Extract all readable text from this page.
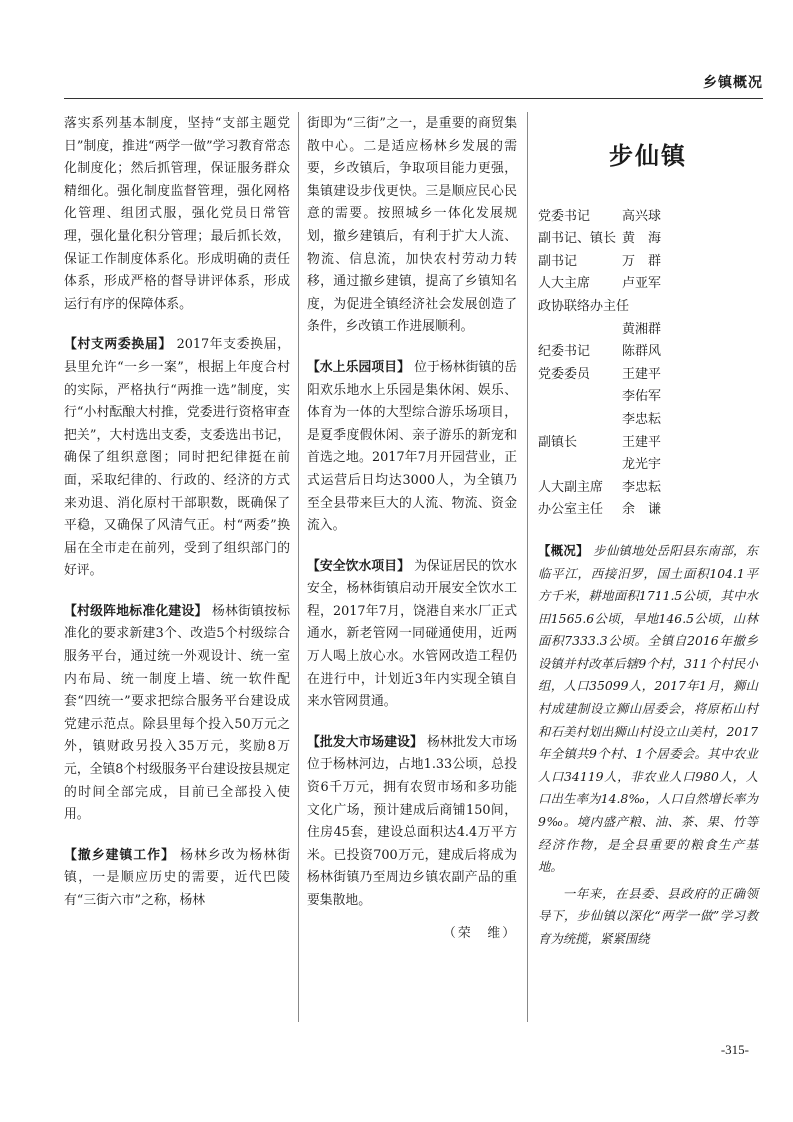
乡镇概况

落实系列基本制度，坚持“支部主题党日”制度，推进“两学一做”学习教育常态化制度化；然后抓管理，保证服务群众精细化。强化制度监督管理，强化网格化管理、组团式服，强化党员日常管理，强化量化积分管理；最后抓长效，保证工作制度体系化。形成明确的责任体系，形成严格的督导讲评体系，形成运行有序的保障体系。

【村支两委换届】 2017年支委换届，县里允许“一乡一案”，根据上年度合村的实际，严格执行“两推一选”制度，实行“小村酝酿大村推，党委进行资格审查把关”，大村选出支委，支委选出书记，确保了组织意图；同时把纪律挺在前面，采取纪律的、行政的、经济的方式来劝退、消化原村干部职数，既确保了平稳，又确保了风清气正。村“两委”换届在全市走在前列，受到了组织部门的好评。

【村级阵地标准化建设】 杨林街镇按标准化的要求新建3个、改造5个村级综合服务平台，通过统一外观设计、统一室内布局、统一制度上墙、统一软件配套“四统一”要求把综合服务平台建设成党建示范点。除县里每个投入50万元之外，镇财政另投入35万元，奖励8万元，全镇8个村级服务平台建设按县规定的时间全部完成，目前已全部投入使用。

【撤乡建镇工作】 杨林乡改为杨林街镇，一是顺应历史的需要，近代巴陵有“三街六市”之称，杨林

街即为“三街”之一，是重要的商贸集散中心。二是适应杨林乡发展的需要，乡改镇后，争取项目能力更强，集镇建设步伐更快。三是顺应民心民意的需要。按照城乡一体化发展规划，撤乡建镇后，有利于扩大人流、物流、信息流，加快农村劳动力转移，通过撤乡建镇，提高了乡镇知名度，为促进全镇经济社会发展创造了条件，乡改镇工作进展顺利。

【水上乐园项目】 位于杨林街镇的岳阳欢乐地水上乐园是集休闲、娱乐、体育为一体的大型综合游乐场项目，是夏季度假休闲、亲子游乐的新宠和首选之地。2017年7月开园营业，正式运营后日均达3000人，为全镇乃至全县带来巨大的人流、物流、资金流入。

【安全饮水项目】 为保证居民的饮水安全，杨林街镇启动开展安全饮水工程，2017年7月，饶港自来水厂正式通水，新老管网一同碰通使用，近两万人喝上放心水。水管网改造工程仍在进行中，计划近3年内实现全镇自来水管网贯通。

【批发大市场建设】 杨林批发大市场位于杨林河边，占地1.33公顷，总投资6千万元，拥有农贸市场和多功能文化广场，预计建成后商铺150间，住房45套，建设总面积达4.4万平方米。已投资700万元，建成后将成为杨林街镇乃至周边乡镇农副产品的重要集散地。

（荣　维）
步仙镇
党委书记	高兴球
副书记、镇长 黄　海
副书记	万　群
人大主席	卢亚军
政协联络办主任
黄湘群
纪委书记	陈群风
党委委员	王建平
李佑军
李忠耘
副镇长	王建平
龙光宇
人大副主席	李忠耘
办公室主任	余　谦

【概况】 步仙镇地处岳阳县东南部，东临平江，西接汨罗，国土面积104.1平方千米，耕地面积1711.5公顷，其中水田1565.6公顷，旱地146.5公顷，山林面积7333.3公顷。全镇自2016年撤乡设镇并村改革后辖9个村，311个村民小组，人口35099人，2017年1月，狮山村成建制设立狮山居委会，将原柘山村和石美村划出狮山村设立山美村，2017年全镇共9个村、1个居委会。其中农业人口34119人，非农业人口980人，人口出生率为14.8‰，人口自然增长率为9‰。境内盛产粮、油、茶、果、竹等经济作物，是全县重要的粮食生产基地。

一年来，在县委、县政府的正确领导下，步仙镇以深化“两学一做”学习教育为统揽，紧紧围绕

-315-
